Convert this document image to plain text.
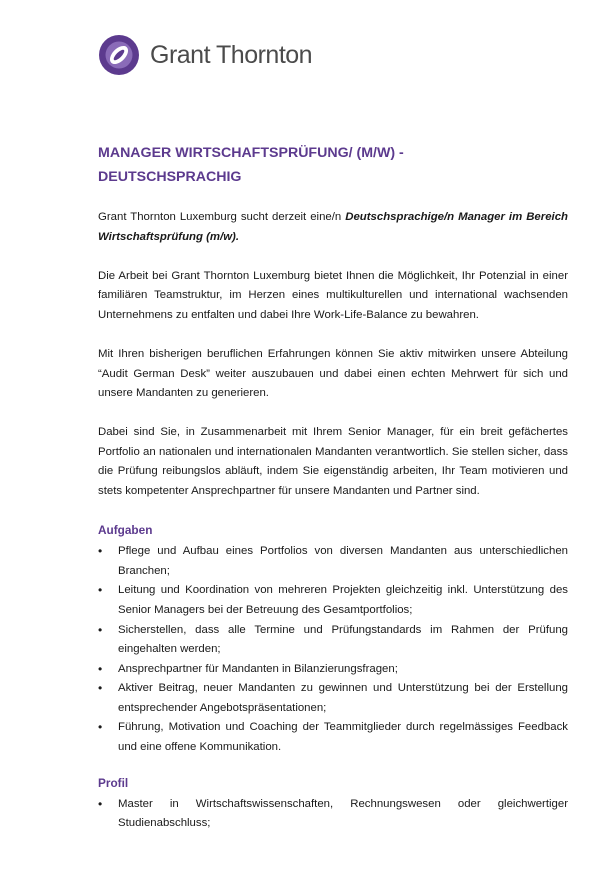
Grant Thornton
MANAGER WIRTSCHAFTSPRÜFUNG/ (M/W) - DEUTSCHSPRACHIG

Grant Thornton Luxemburg sucht derzeit eine/n Deutschsprachige/n Manager im Bereich Wirtschaftsprüfung (m/w).

Die Arbeit bei Grant Thornton Luxemburg bietet Ihnen die Möglichkeit, Ihr Potenzial in einer familiären Teamstruktur, im Herzen eines multikulturellen und international wachsenden Unternehmens zu entfalten und dabei Ihre Work-Life-Balance zu bewahren.

Mit Ihren bisherigen beruflichen Erfahrungen können Sie aktiv mitwirken unsere Abteilung “Audit German Desk” weiter auszubauen und dabei einen echten Mehrwert für sich und unsere Mandanten zu generieren.

Dabei sind Sie, in Zusammenarbeit mit Ihrem Senior Manager, für ein breit gefächertes Portfolio an nationalen und internationalen Mandanten verantwortlich. Sie stellen sicher, dass die Prüfung reibungslos abläuft, indem Sie eigenständig arbeiten, Ihr Team motivieren und stets kompetenter Ansprechpartner für unsere Mandanten und Partner sind.

Aufgaben
• Pflege und Aufbau eines Portfolios von diversen Mandanten aus unterschiedlichen Branchen;
• Leitung und Koordination von mehreren Projekten gleichzeitig inkl. Unterstützung des Senior Managers bei der Betreuung des Gesamtportfolios;
• Sicherstellen, dass alle Termine und Prüfungstandards im Rahmen der Prüfung eingehalten werden;
• Ansprechpartner für Mandanten in Bilanzierungsfragen;
• Aktiver Beitrag, neuer Mandanten zu gewinnen und Unterstützung bei der Erstellung entsprechender Angebotspräsentationen;
• Führung, Motivation und Coaching der Teammitglieder durch regelmässiges Feedback und eine offene Kommunikation.
Profil
• Master in Wirtschaftswissenschaften, Rechnungswesen oder gleichwertiger Studienabschluss;
